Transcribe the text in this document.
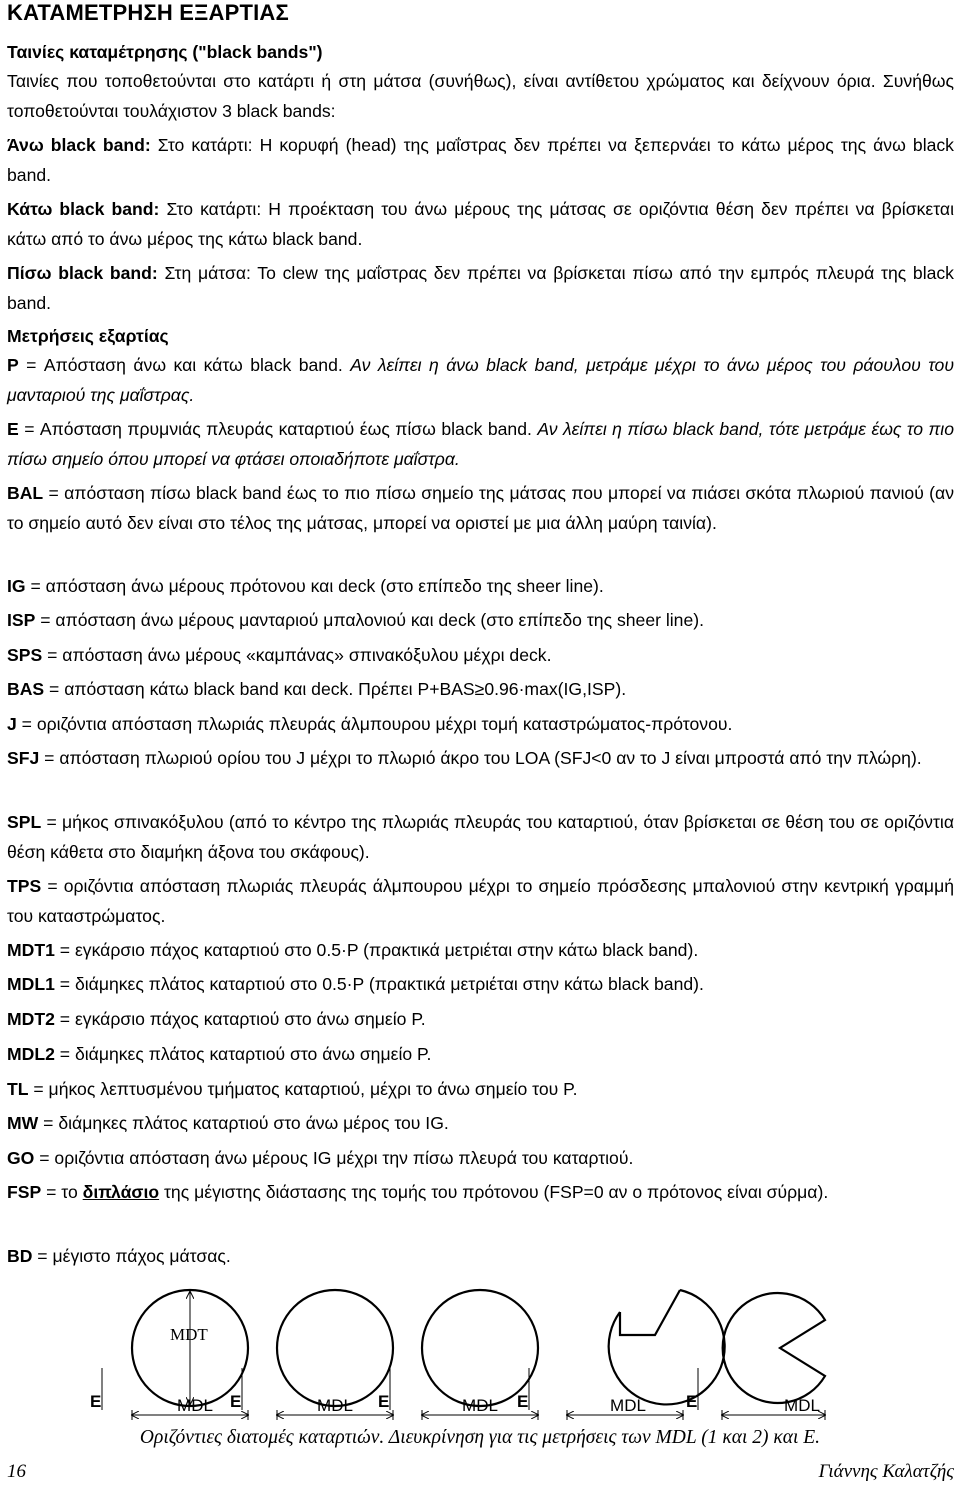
ΚΑΤΑΜΕΤΡΗΣΗ ΕΞΑΡΤΙΑΣ
Ταινίες καταμέτρησης ("black bands")
Ταινίες που τοποθετούνται στο κατάρτι ή στη μάτσα (συνήθως), είναι αντίθετου χρώματος και δείχνουν όρια. Συνήθως τοποθετούνται τουλάχιστον 3 black bands:
Άνω black band: Στο κατάρτι: Η κορυφή (head) της μαΐστρας δεν πρέπει να ξεπερνάει το κάτω μέρος της άνω black band.
Κάτω black band: Στο κατάρτι: Η προέκταση του άνω μέρους της μάτσας σε οριζόντια θέση δεν πρέπει να βρίσκεται κάτω από το άνω μέρος της κάτω black band.
Πίσω black band: Στη μάτσα: Το clew της μαΐστρας δεν πρέπει να βρίσκεται πίσω από την εμπρός πλευρά της black band.
Μετρήσεις εξαρτίας
P = Απόσταση άνω και κάτω black band. Αν λείπει η άνω black band, μετράμε μέχρι το άνω μέρος του ράουλου του μανταριού της μαΐστρας.
E = Απόσταση πρυμνιάς πλευράς καταρτιού έως πίσω black band. Αν λείπει η πίσω black band, τότε μετράμε έως το πιο πίσω σημείο όπου μπορεί να φτάσει οποιαδήποτε μαΐστρα.
BAL = απόσταση πίσω black band έως το πιο πίσω σημείο της μάτσας που μπορεί να πιάσει σκότα πλωριού πανιού (αν το σημείο αυτό δεν είναι στο τέλος της μάτσας, μπορεί να οριστεί με μια άλλη μαύρη ταινία).
IG = απόσταση άνω μέρους πρότονου και deck (στο επίπεδο της sheer line).
ISP = απόσταση άνω μέρους μανταριού μπαλονιού και deck (στο επίπεδο της sheer line).
SPS = απόσταση άνω μέρους «καμπάνας» σπινακόξυλου μέχρι deck.
BAS = απόσταση κάτω black band και deck. Πρέπει P+BAS≥0.96·max(IG,ISP).
J = οριζόντια απόσταση πλωριάς πλευράς άλμπουρου μέχρι τομή καταστρώματος-πρότονου.
SFJ = απόσταση πλωριού ορίου του J μέχρι το πλωριό άκρο του LOA (SFJ<0 αν το J είναι μπροστά από την πλώρη).
SPL = μήκος σπινακόξυλου (από το κέντρο της πλωριάς πλευράς του καταρτιού, όταν βρίσκεται σε θέση του σε οριζόντια θέση κάθετα στο διαμήκη άξονα του σκάφους).
TPS = οριζόντια απόσταση πλωριάς πλευράς άλμπουρου μέχρι το σημείο πρόσδεσης μπαλονιού στην κεντρική γραμμή του καταστρώματος.
MDT1 = εγκάρσιο πάχος καταρτιού στο 0.5·P (πρακτικά μετριέται στην κάτω black band).
MDL1 = διάμηκες πλάτος καταρτιού στο 0.5·P (πρακτικά μετριέται στην κάτω black band).
MDT2 = εγκάρσιο πάχος καταρτιού στο άνω σημείο P.
MDL2 = διάμηκες πλάτος καταρτιού στο άνω σημείο P.
TL = μήκος λεπτυσμένου τμήματος καταρτιού, μέχρι το άνω σημείο του P.
MW = διάμηκες πλάτος καταρτιού στο άνω μέρος του IG.
GO = οριζόντια απόσταση άνω μέρους IG μέχρι την πίσω πλευρά του καταρτιού.
FSP = το διπλάσιο της μέγιστης διάστασης της τομής του πρότονου (FSP=0 αν ο πρότονος είναι σύρμα).
BD = μέγιστο πάχος μάτσας.
MDT
MDL	MDL	MDL	MDL	MDL
E	E	E	E	E
Οριζόντιες διατομές καταρτιών. Διευκρίνηση για τις μετρήσεις των MDL (1 και 2) και E.
16	Γιάννης Καλατζής
